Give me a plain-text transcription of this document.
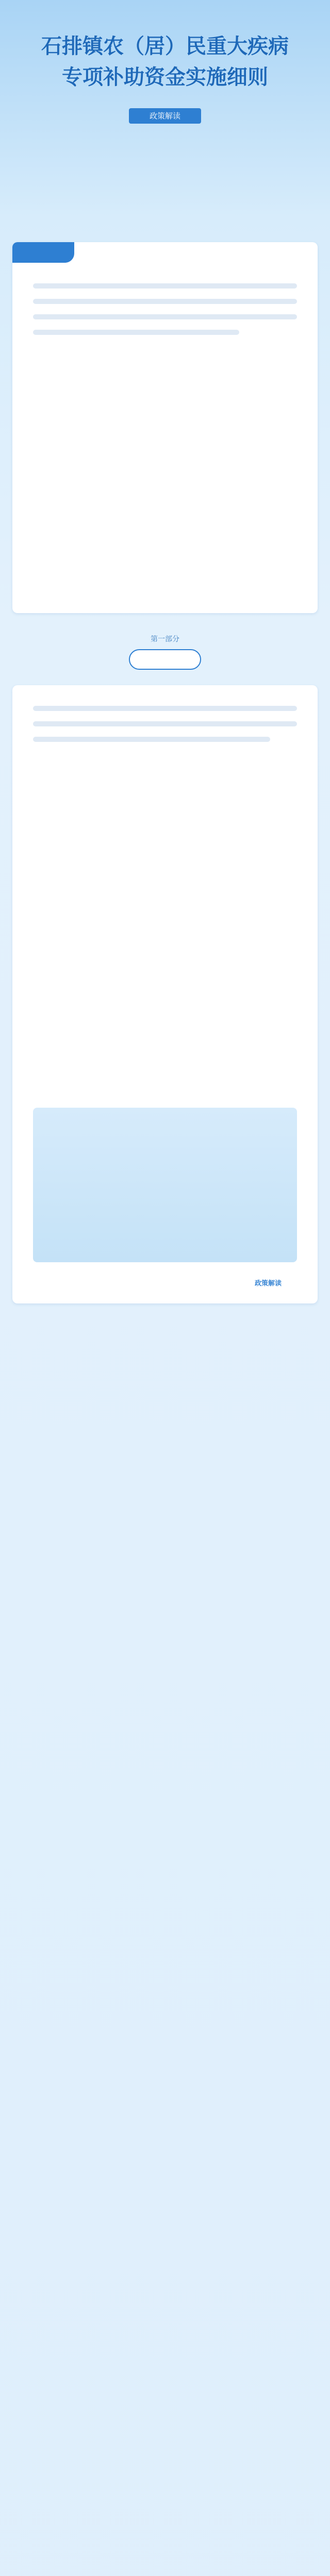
石排镇农（居）民重大疾病
专项补助资金实施细则
政策解读
第一部分
政策解读
